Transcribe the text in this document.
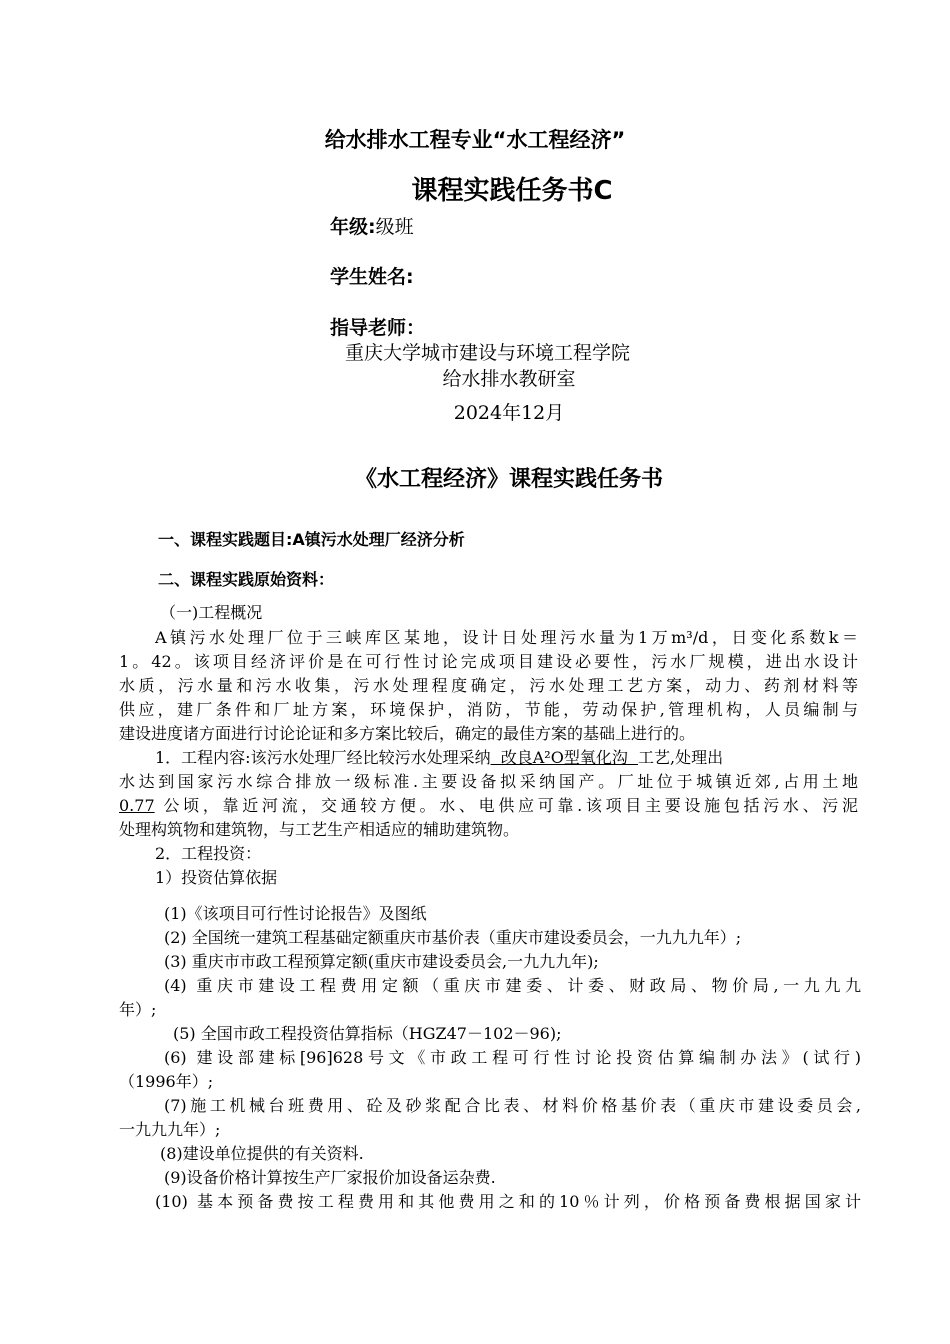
给水排水工程专业“水工程经济”
课程实践任务书C
年级:级班
学生姓名:
指导老师：
重庆大学城市建设与环境工程学院
给水排水教研室
2024年12月
《水工程经济》课程实践任务书
一、课程实践题目:A镇污水处理厂经济分析
二、课程实践原始资料：
（一)工程概况
A镇污水处理厂位于三峡库区某地，设计日处理污水量为1万m³/d，日变化系数k＝
1。42。该项目经济评价是在可行性讨论完成项目建设必要性，污水厂规模，进出水设计
水质，污水量和污水收集，污水处理程度确定，污水处理工艺方案，动力、药剂材料等
供应，建厂条件和厂址方案，环境保护，消防，节能，劳动保护,管理机构，人员编制与
建设进度诸方面进行讨论论证和多方案比较后，确定的最佳方案的基础上进行的。
1．工程内容:该污水处理厂经比较污水处理采纳  改良A²O型氧化沟  工艺,处理出
水达到国家污水综合排放一级标准.主要设备拟采纳国产。厂址位于城镇近郊,占用土地
0.77 公顷，靠近河流，交通较方便。水、电供应可靠.该项目主要设施包括污水、污泥
处理构筑物和建筑物，与工艺生产相适应的辅助建筑物。
2．工程投资：
1）投资估算依据
(1)《该项目可行性讨论报告》及图纸
(2) 全国统一建筑工程基础定额重庆市基价表（重庆市建设委员会，一九九九年）;
(3) 重庆市市政工程预算定额(重庆市建设委员会,一九九九年);
(4) 重庆市建设工程费用定额（重庆市建委、计委、财政局、物价局,一九九九
年）;
(5) 全国市政工程投资估算指标（HGZ47－102－96);
(6) 建设部建标[96]628号文《市政工程可行性讨论投资估算编制办法》(试行)
（1996年）;
(7)施工机械台班费用、砼及砂浆配合比表、材料价格基价表（重庆市建设委员会,
一九九九年）;
(8)建设单位提供的有关资料.
(9)设备价格计算按生产厂家报价加设备运杂费.
(10) 基本预备费按工程费用和其他费用之和的10％计列，价格预备费根据国家计
